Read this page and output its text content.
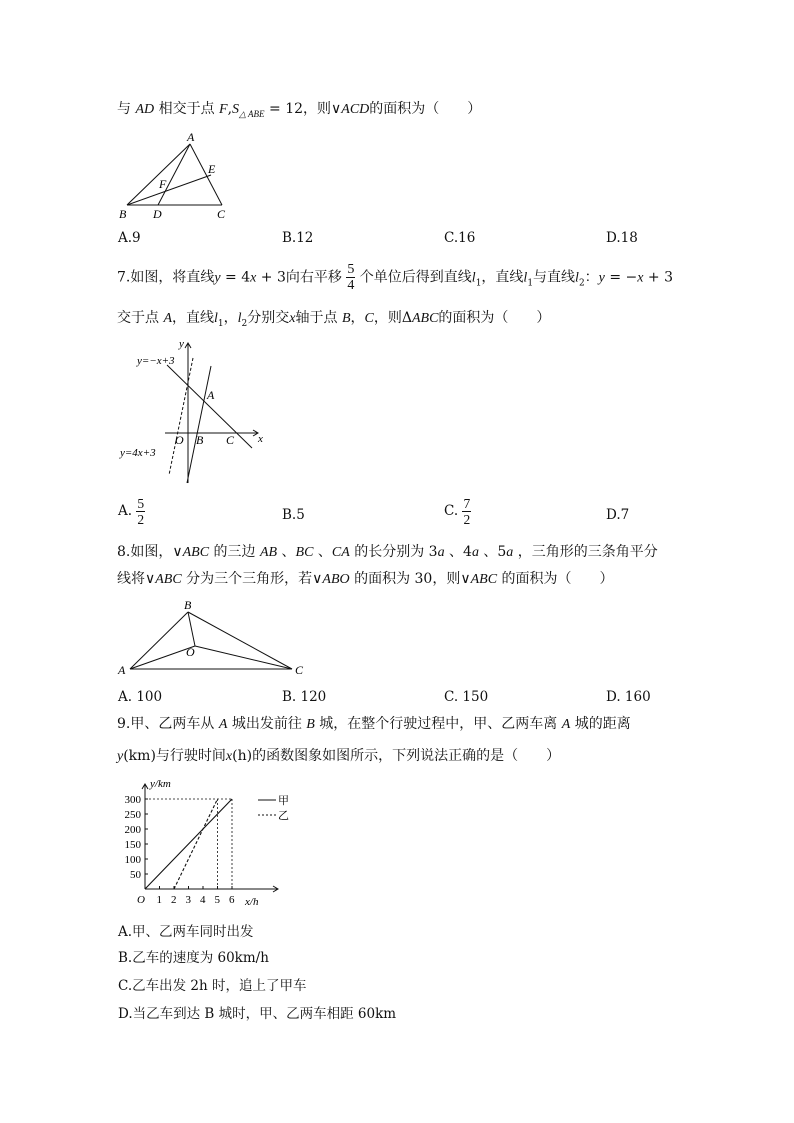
与 AD 相交于点 $F,S_{\triangle ABE} = 12$，则∨ACD的面积为（　　）
A
E
F
B D	C
A.9	B.12	C.16	D.18
7.如图，将直线y = 4x + 3向右平移 $\frac{5}{4}$ 个单位后得到直线$l_1$，直线$l_1$与直线$l_2$：y = −x + 3
交于点 A，直线$l_1$，$l_2$分别交x轴于点 B，C，则ΔABC的面积为（　　）
y
y=−x+3
A
O B C x
y=4x+3
A. $\frac{5}{2}$	B.5	C. $\frac{7}{2}$	D.7
8.如图，∨ABC 的三边 AB 、BC 、CA 的长分别为 3a 、4a 、5a ，三角形的三条角平分
线将∨ABC 分为三个三角形，若∨ABO 的面积为 30，则∨ABC 的面积为（　　）
B
O
A	C
A. 100	B. 120	C. 150	D. 160
9.甲、乙两车从 A 城出发前往 B 城，在整个行驶过程中，甲、乙两车离 A 城的距离
y(km)与行驶时间x(h)的函数图象如图所示，下列说法正确的是（　　）
1 2 3 4 5 6
50
100
150
200
250
300
y/km
x/h
O
甲
乙
A.甲、乙两车同时出发
B.乙车的速度为 60km/h
C.乙车出发 2h 时，追上了甲车
D.当乙车到达 B 城时，甲、乙两车相距 60km
